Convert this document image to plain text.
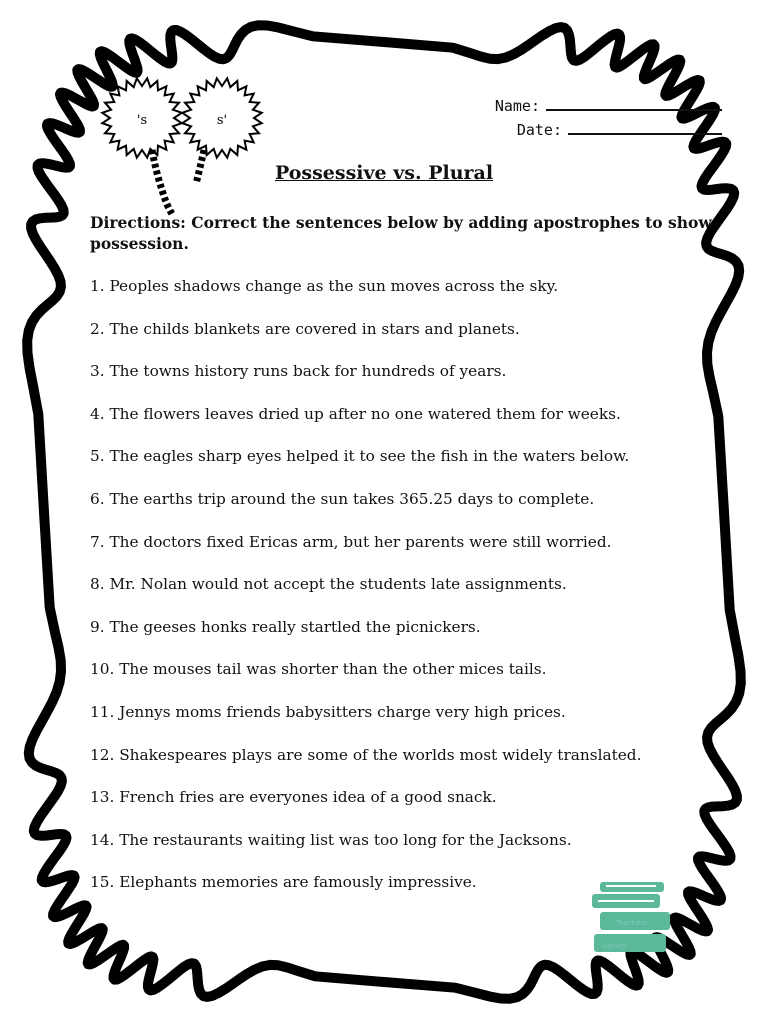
's	s'
Name:
Date:
Possessive vs. Plural
Directions: Correct the sentences below by adding apostrophes to show possession.
1. Peoples shadows change as the sun moves across the sky.
2. The childs blankets are covered in stars and planets.
3. The towns history runs back for hundreds of years.
4. The flowers leaves dried up after no one watered them for weeks.
5. The eagles sharp eyes helped it to see the fish in the waters below.
6. The earths trip around the sun takes 365.25 days to complete.
7. The doctors fixed Ericas arm, but her parents were still worried.
8. Mr. Nolan would not accept the students late assignments.
9. The geeses honks really startled the picnickers.
10. The mouses tail was shorter than the other mices tails.
11. Jennys moms friends babysitters charge very high prices.
12. Shakespeares plays are some of the worlds most widely translated.
13. French fries are everyones idea of a good snack.
14. The restaurants waiting list was too long for the Jacksons.
15. Elephants memories are famously impressive.
Teachers
Library
